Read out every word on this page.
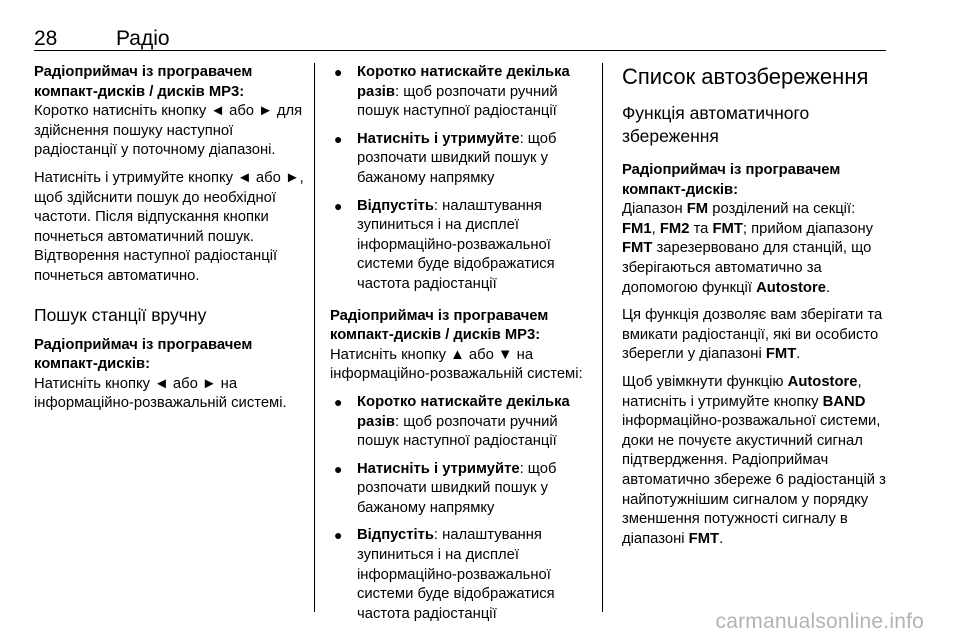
28	Радіо

Радіоприймач із програвачем компакт-дисків / дисків MP3:

Коротко натисніть кнопку ◄ або ► для здійснення пошуку наступної радіостанції у поточному діапазоні.

Натисніть і утримуйте кнопку ◄ або ►, щоб здійснити пошук до необхідної частоти. Після відпускання кнопки почнеться автоматичний пошук. Відтворення наступної радіостанції почнеться автоматично.

Пошук станції вручну

Радіоприймач із програвачем компакт-дисків:

Натисніть кнопку ◄ або ► на інформаційно-розважальній системі.

● Коротко натискайте декілька разів: щоб розпочати ручний пошук наступної радіостанції
● Натисніть і утримуйте: щоб розпочати швидкий пошук у бажаному напрямку
● Відпустіть: налаштування зупиниться і на дисплеї інформаційно-розважальної системи буде відображатися частота радіостанції

Радіоприймач із програвачем компакт-дисків / дисків MP3:

Натисніть кнопку ▲ або ▼ на інформаційно-розважальній системі:

● Коротко натискайте декілька разів: щоб розпочати ручний пошук наступної радіостанції
● Натисніть і утримуйте: щоб розпочати швидкий пошук у бажаному напрямку
● Відпустіть: налаштування зупиниться і на дисплеї інформаційно-розважальної системи буде відображатися частота радіостанції
Список автозбереження
Функція автоматичного збереження

Радіоприймач із програвачем компакт-дисків:

Діапазон FM розділений на секції: FM1, FM2 та FMT; прийом діапазону FMT зарезервовано для станцій, що зберігаються автоматично за допомогою функції Autostore.

Ця функція дозволяє вам зберігати та вмикати радіостанції, які ви особисто зберегли у діапазоні FMT.

Щоб увімкнути функцію Autostore, натисніть і утримуйте кнопку BAND інформаційно-розважальної системи, доки не почуєте акустичний сигнал підтвердження. Радіоприймач автоматично збереже 6 радіостанцій з найпотужнішим сигналом у порядку зменшення потужності сигналу в діапазоні FMT.

carmanualsonline.info
